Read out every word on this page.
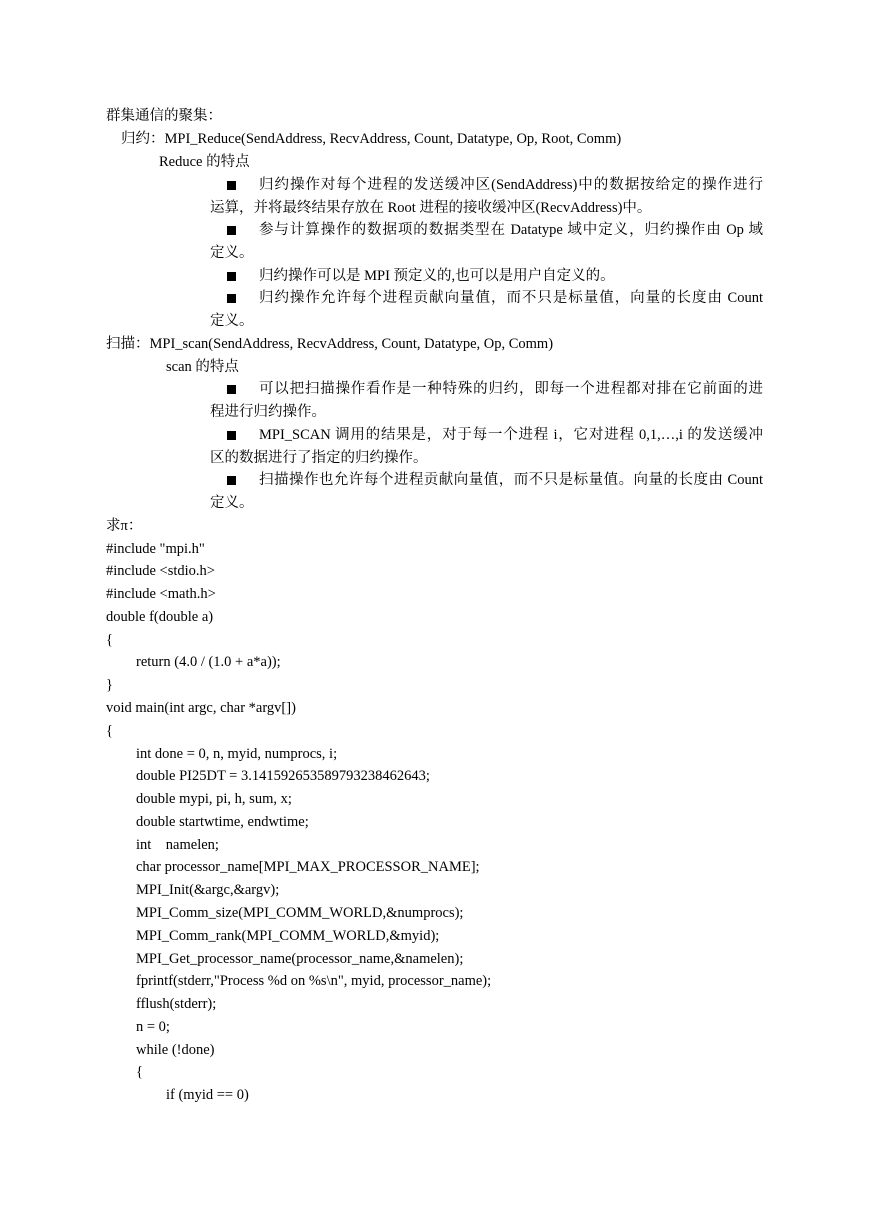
群集通信的聚集：
归约：MPI_Reduce(SendAddress, RecvAddress, Count, Datatype, Op, Root, Comm)
Reduce 的特点
归约操作对每个进程的发送缓冲区(SendAddress)中的数据按给定的操作进行
运算，并将最终结果存放在 Root 进程的接收缓冲区(RecvAddress)中。
参与计算操作的数据项的数据类型在 Datatype 域中定义，归约操作由 Op 域
定义。
归约操作可以是 MPI 预定义的,也可以是用户自定义的。
归约操作允许每个进程贡献向量值，而不只是标量值，向量的长度由 Count
定义。
扫描：MPI_scan(SendAddress, RecvAddress, Count, Datatype, Op, Comm)
scan 的特点
可以把扫描操作看作是一种特殊的归约，即每一个进程都对排在它前面的进
程进行归约操作。
MPI_SCAN 调用的结果是，对于每一个进程 i，它对进程 0,1,…,i 的发送缓冲
区的数据进行了指定的归约操作。
扫描操作也允许每个进程贡献向量值，而不只是标量值。向量的长度由 Count
定义。
求π：
#include "mpi.h"
#include <stdio.h>
#include <math.h>
double f(double a)
{
return (4.0 / (1.0 + a*a));
}
void main(int argc, char *argv[])
{
int done = 0, n, myid, numprocs, i;
double PI25DT = 3.141592653589793238462643;
double mypi, pi, h, sum, x;
double startwtime, endwtime;
int    namelen;
char processor_name[MPI_MAX_PROCESSOR_NAME];
MPI_Init(&argc,&argv);
MPI_Comm_size(MPI_COMM_WORLD,&numprocs);
MPI_Comm_rank(MPI_COMM_WORLD,&myid);
MPI_Get_processor_name(processor_name,&namelen);
fprintf(stderr,"Process %d on %s\n", myid, processor_name);
fflush(stderr);
n = 0;
while (!done)
{
if (myid == 0)
